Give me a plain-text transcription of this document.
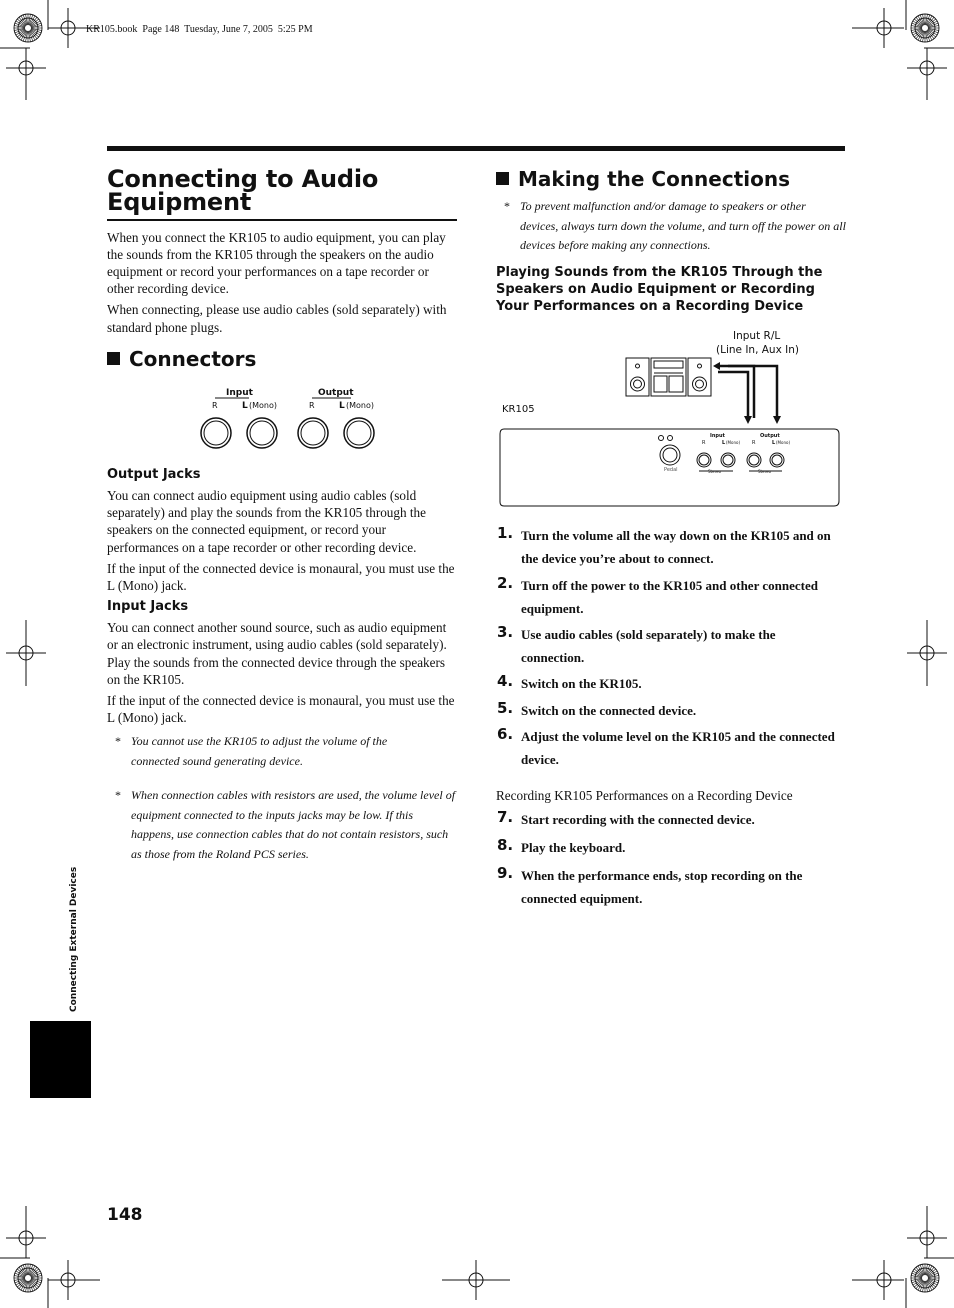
KR105.book  Page 148  Tuesday, June 7, 2005  5:25 PM
Connecting to Audio
Equipment

When you connect the KR105 to audio equipment, you can play the sounds from the KR105 through the speakers on the audio equipment or record your performances on a tape recorder or other recording device.

When connecting, please use audio cables (sold separately) with standard phone plugs.

Connectors
Input	Output
R	L (Mono)	R	L (Mono)
Output Jacks

You can connect audio equipment using audio cables (sold separately) and play the sounds from the KR105 through the speakers on the connected equipment, or record your performances on a tape recorder or other recording device.

If the input of the connected device is monaural, you must use the L (Mono) jack.

Input Jacks

You can connect another sound source, such as audio equipment or an electronic instrument, using audio cables (sold separately). Play the sounds from the connected device through the speakers on the KR105.

If the input of the connected device is monaural, you must use the L (Mono) jack.

* You cannot use the KR105 to adjust the volume of the connected sound generating device.
* When connection cables with resistors are used, the volume level of equipment connected to the inputs jacks may be low. If this happens, use connection cables that do not contain resistors, such as those from the Roland PCS series.
Making the Connections
* To prevent malfunction and/or damage to speakers or other devices, always turn down the volume, and turn off the power on all devices before making any connections.
Playing Sounds from the KR105 Through the Speakers on Audio Equipment or Recording Your Performances on a Recording Device
Input R/L
(Line In, Aux In)
KR105
Pedal
Input	Output
R	L (Mono) R	L (Mono)
Stereo	Stereo
1. Turn the volume all the way down on the KR105 and on the device you’re about to connect.
2. Turn off the power to the KR105 and other connected equipment.
3. Use audio cables (sold separately) to make the connection.
4. Switch on the KR105.
5. Switch on the connected device.
6. Adjust the volume level on the KR105 and the connected device.
Recording KR105 Performances on a Recording Device
7. Start recording with the connected device.
8. Play the keyboard.
9. When the performance ends, stop recording on the connected equipment.
Connecting External Devices
148
